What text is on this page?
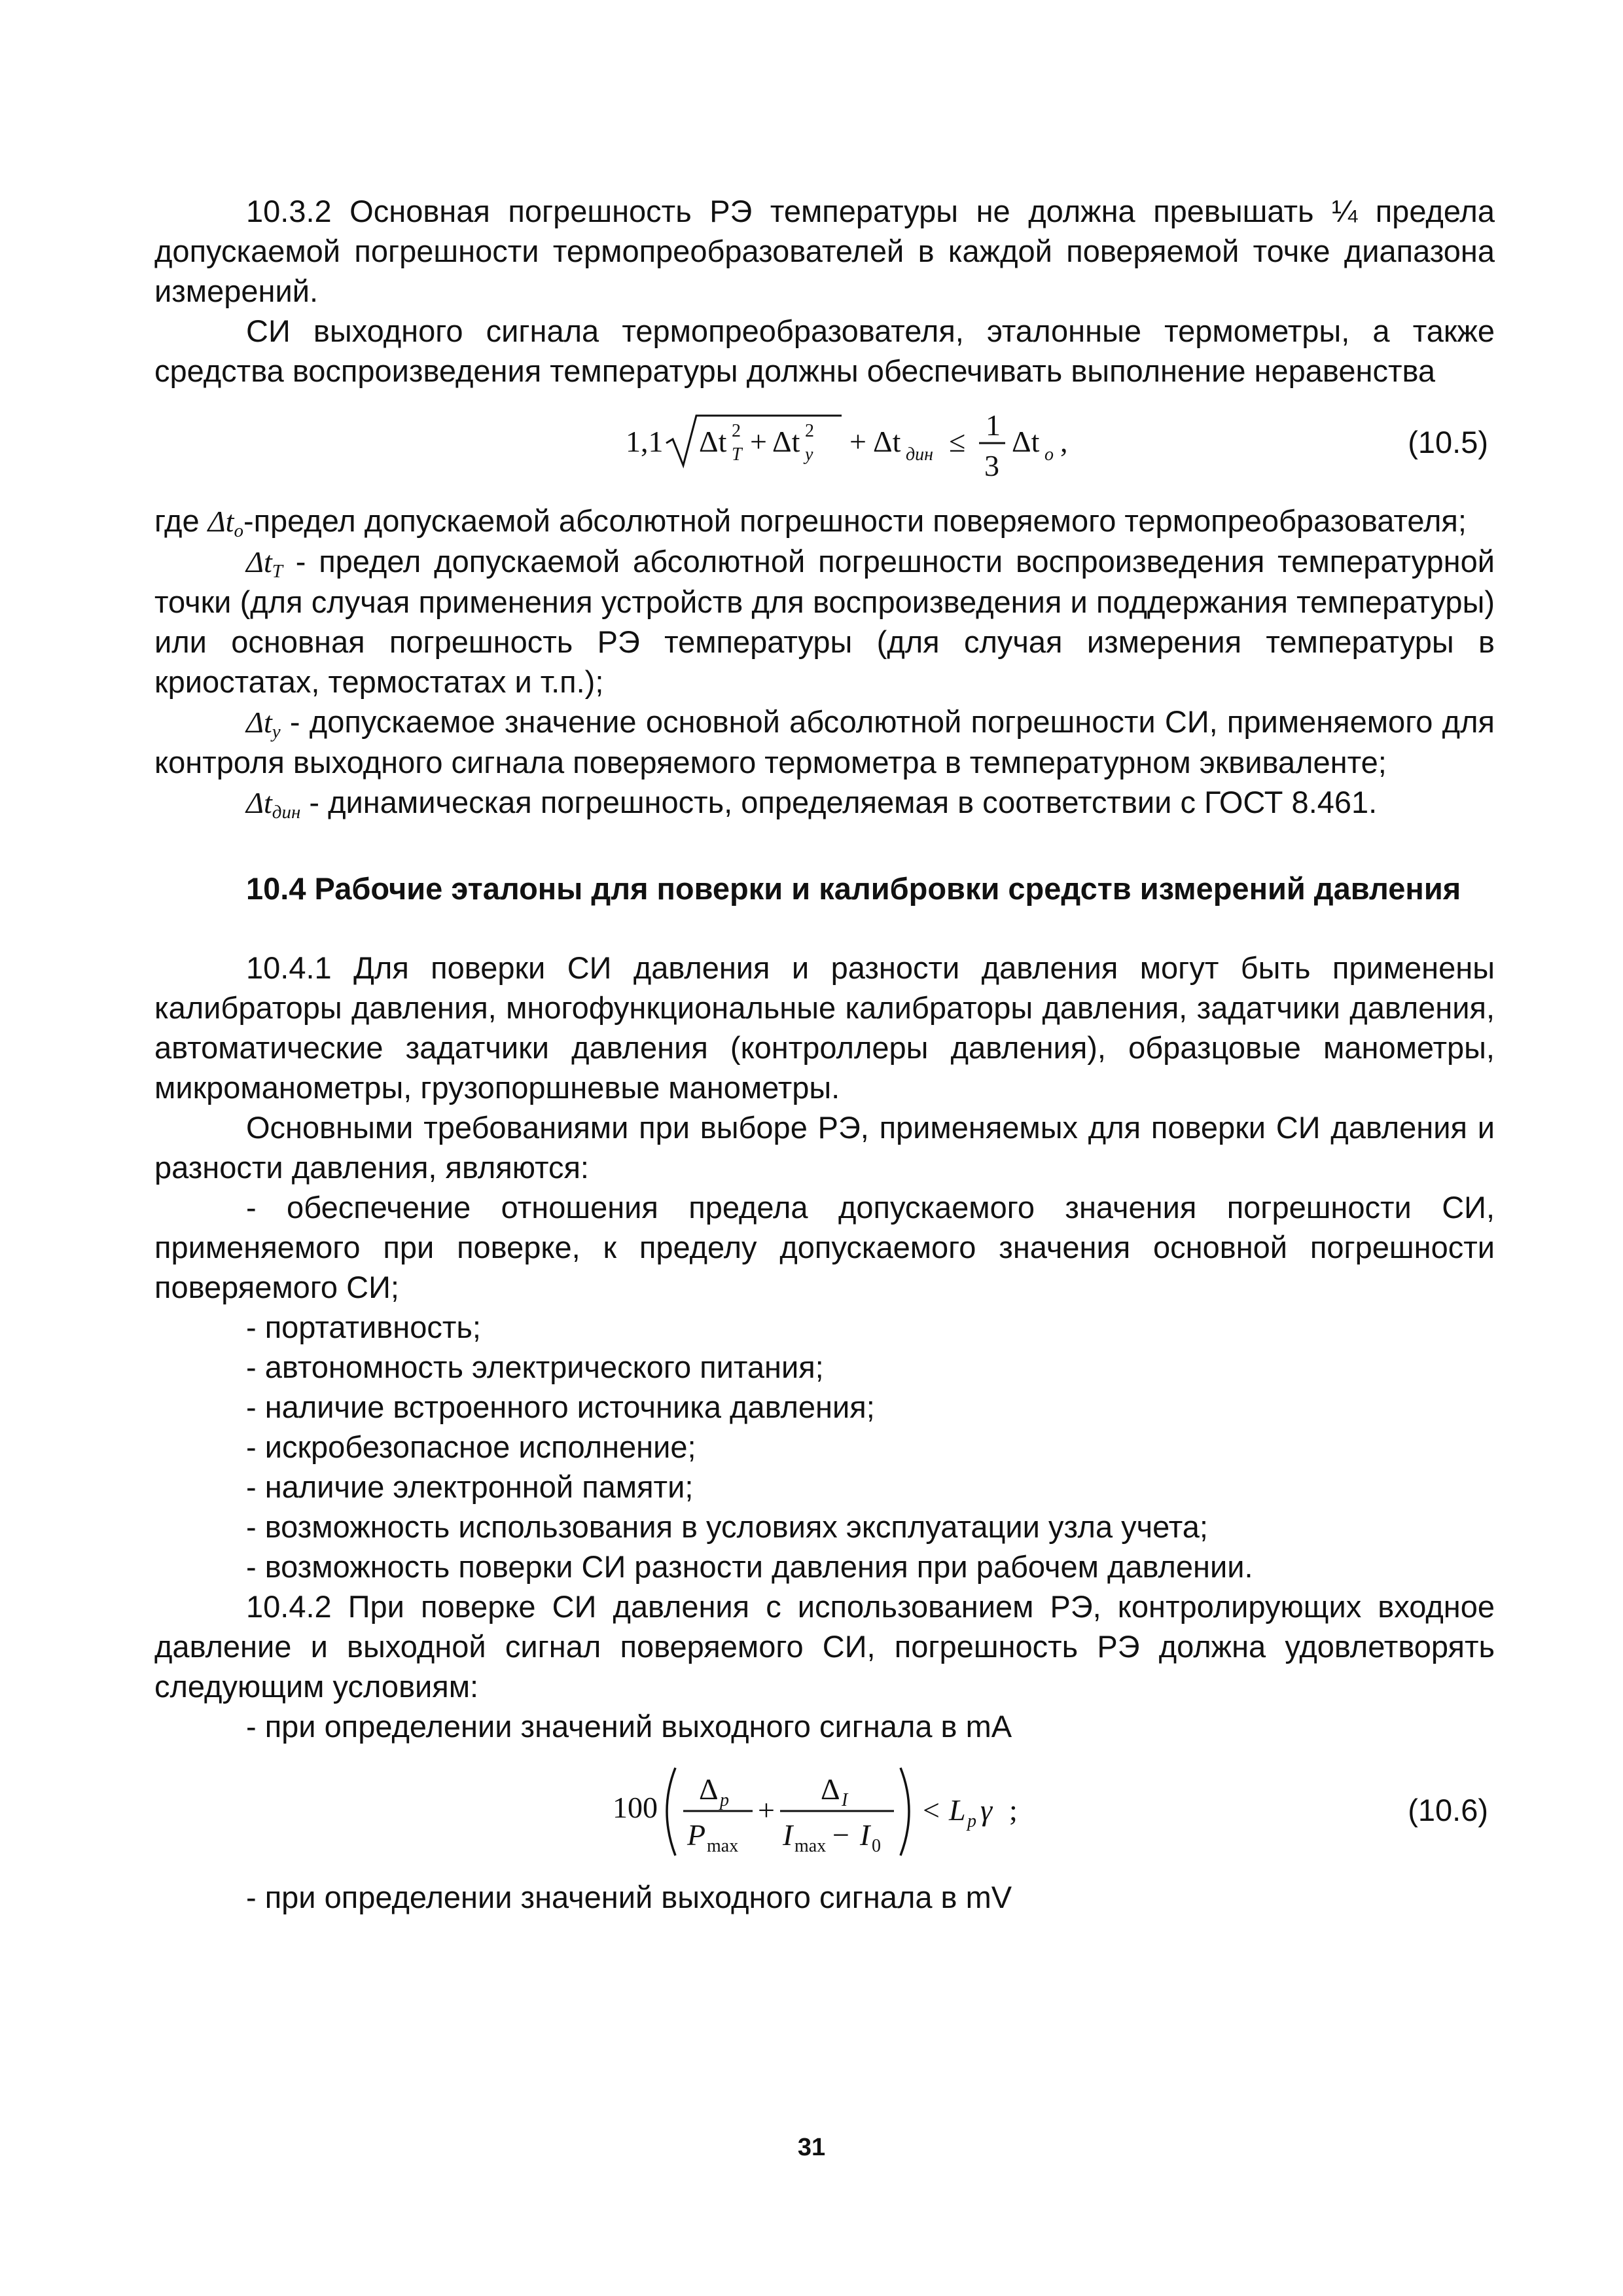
10.3.2 Основная погрешность РЭ температуры не должна превышать ¼ предела допускаемой погрешности термопреобразователей в каждой поверяемой точке диапазона измерений.

СИ выходного сигнала термопреобразователя, эталонные термометры, а также средства воспроизведения температуры должны обеспечивать выполнение неравенства

1,1 Δt T
2 + Δt у
2 + Δt дин ≤ 1
3
Δt о ,	(10.5)

где $\Delta t_о$-предел допускаемой абсолютной погрешности поверяемого термопреобразователя;

$\Delta t_T$ - предел допускаемой абсолютной погрешности воспроизведения температурной точки (для случая применения устройств для воспроизведения и поддержания температуры) или основная погрешность РЭ температуры (для случая измерения температуры в криостатах, термостатах и т.п.);

$\Delta t_у$ - допускаемое значение основной абсолютной погрешности СИ, применяемого для контроля выходного сигнала поверяемого термометра в температурном эквиваленте;

$\Delta t_{дин}$ - динамическая погрешность, определяемая в соответствии с ГОСТ 8.461.

10.4 Рабочие эталоны для поверки и калибровки средств измерений давления

10.4.1 Для поверки СИ давления и разности давления могут быть применены калибраторы давления, многофункциональные калибраторы давления, задатчики давления, автоматические задатчики давления (контроллеры давления), образцовые манометры, микроманометры, грузопоршневые манометры.

Основными требованиями при выборе РЭ, применяемых для поверки СИ давления и разности давления, являются:

- обеспечение отношения предела допускаемого значения погрешности СИ, применяемого при поверке, к пределу допускаемого значения основной погрешности поверяемого СИ;

- портативность;

- автономность электрического питания;

- наличие встроенного источника давления;

- искробезопасное исполнение;

- наличие электронной памяти;

- возможность использования в условиях эксплуатации узла учета;

- возможность поверки СИ разности давления при рабочем давлении.

10.4.2 При поверке СИ давления с использованием РЭ, контролирующих входное давление и выходной сигнал поверяемого СИ, погрешность РЭ должна удовлетворять следующим условиям:

- при определении значений выходного сигнала в mA

100
Δ p
P max
+
Δ I
I max − I 0
< L p γ ;	(10.6)

- при определении значений выходного сигнала в mV

31
